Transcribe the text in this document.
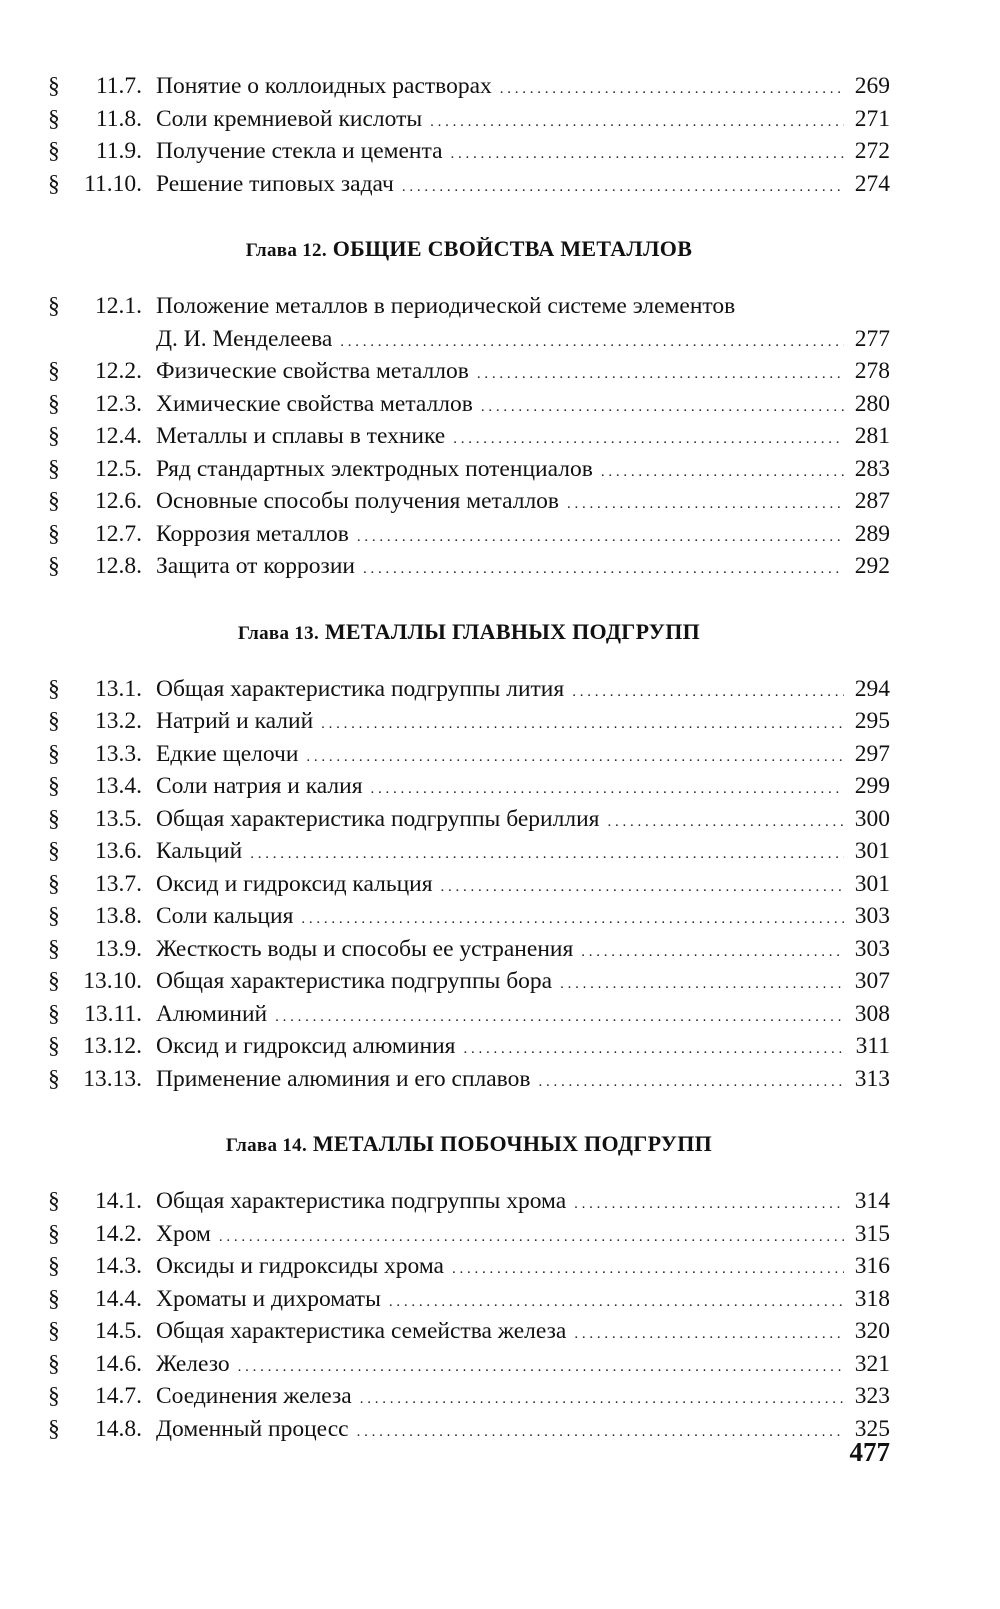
§	11.7. Понятие о коллоидных растворах . . .	269
§	11.8. Соли кремниевой кислоты . . .	271
§	11.9. Получение стекла и цемента . . .	272
§	11.10. Решение типовых задач . . .	274
Глава 12. ОБЩИЕ СВОЙСТВА МЕТАЛЛОВ
§	12.1. Положение металлов в периодической системе элементов
Д. И. Менделеева . . .	277
§	12.2. Физические свойства металлов . . .	278
§	12.3. Химические свойства металлов . . .	280
§	12.4. Металлы и сплавы в технике . . .	281
§	12.5. Ряд стандартных электродных потенциалов . . .	283
§	12.6. Основные способы получения металлов . . .	287
§	12.7. Коррозия металлов . . .	289
§	12.8. Защита от коррозии . . .	292
Глава 13. МЕТАЛЛЫ ГЛАВНЫХ ПОДГРУПП
§	13.1. Общая характеристика подгруппы лития . . .	294
§	13.2. Натрий и калий . . .	295
§	13.3. Едкие щелочи . . .	297
§	13.4. Соли натрия и калия . . .	299
§	13.5. Общая характеристика подгруппы бериллия . . .	300
§	13.6. Кальций . . .	301
§	13.7. Оксид и гидроксид кальция . . .	301
§	13.8. Соли кальция . . .	303
§	13.9. Жесткость воды и способы ее устранения . . .	303
§	13.10. Общая характеристика подгруппы бора . . .	307
§	13.11. Алюминий . . .	308
§	13.12. Оксид и гидроксид алюминия . . .	311
§	13.13. Применение алюминия и его сплавов . . .	313
Глава 14. МЕТАЛЛЫ ПОБОЧНЫХ ПОДГРУПП
§	14.1. Общая характеристика подгруппы хрома . . .	314
§	14.2. Хром . . .	315
§	14.3. Оксиды и гидроксиды хрома . . .	316
§	14.4. Хроматы и дихроматы . . .	318
§	14.5. Общая характеристика семейства железа . . .	320
§	14.6. Железо . . .	321
§	14.7. Соединения железа . . .	323
§	14.8. Доменный процесс . . .	325
477
